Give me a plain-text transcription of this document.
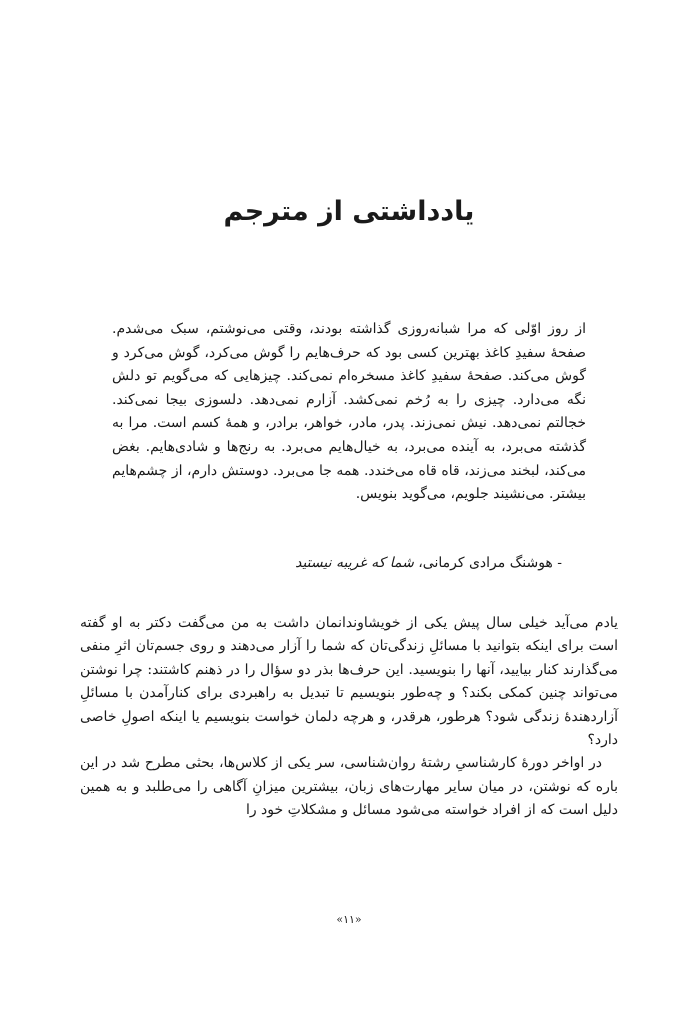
یادداشتی از مترجم

از روز اوّلی که مرا شبانه‌روزی گذاشته بودند، وقتی می‌نوشتم، سبک می‌شدم. صفحهٔ سفیدِ کاغذ بهترین کسی بود که حرف‌هایم را گوش می‌کرد، گوش می‌کرد و گوش می‌کند. صفحهٔ سفیدِ کاغذ مسخره‌ام نمی‌کند. چیزهایی که می‌گویم تو دلش نگه می‌دارد. چیزی را به رُخم نمی‌کشد. آزارم نمی‌دهد. دلسوزی بیجا نمی‌کند. خجالتم نمی‌دهد. نیش نمی‌زند. پدر، مادر، خواهر، برادر، و همهٔ کسم است. مرا به گذشته می‌برد، به آینده می‌برد، به خیال‌هایم می‌برد. به رنج‌ها و شادی‌هایم. بغض می‌کند، لبخند می‌زند، قاه قاه می‌خندد. همه جا می‌برد. دوستش دارم، از چشم‌هایم بیشتر. می‌نشیند جلویم، می‌گوید بنویس.

- هوشنگ مرادی کرمانی، شما که غریبه نیستید

یادم می‌آید خیلی سال پیش یکی از خویشاوندانمان داشت به من می‌گفت دکتر به او گفته است برای اینکه بتوانید با مسائلِ زندگی‌تان که شما را آزار می‌دهند و روی جسم‌تان اثرِ منفی می‌گذارند کنار بیایید، آنها را بنویسید. این حرف‌ها بذر دو سؤال را در ذهنم کاشتند: چرا نوشتن می‌تواند چنین کمکی بکند؟ و چه‌طور بنویسیم تا تبدیل به راهبردی برای کنارآمدن با مسائلِ آزاردهندهٔ زندگی شود؟ هرطور، هرقدر، و هرچه دلمان خواست بنویسیم یا اینکه اصولِ خاصی دارد؟

در اواخر دورهٔ کارشناسیِ رشتهٔ روان‌شناسی، سر یکی از کلاس‌ها، بحثی مطرح شد در این باره که نوشتن، در میان سایر مهارت‌های زبان، بیشترین میزانِ آگاهی را می‌طلبد و به همین دلیل است که از افراد خواسته می‌شود مسائل و مشکلاتِ خود را

«۱۱»
